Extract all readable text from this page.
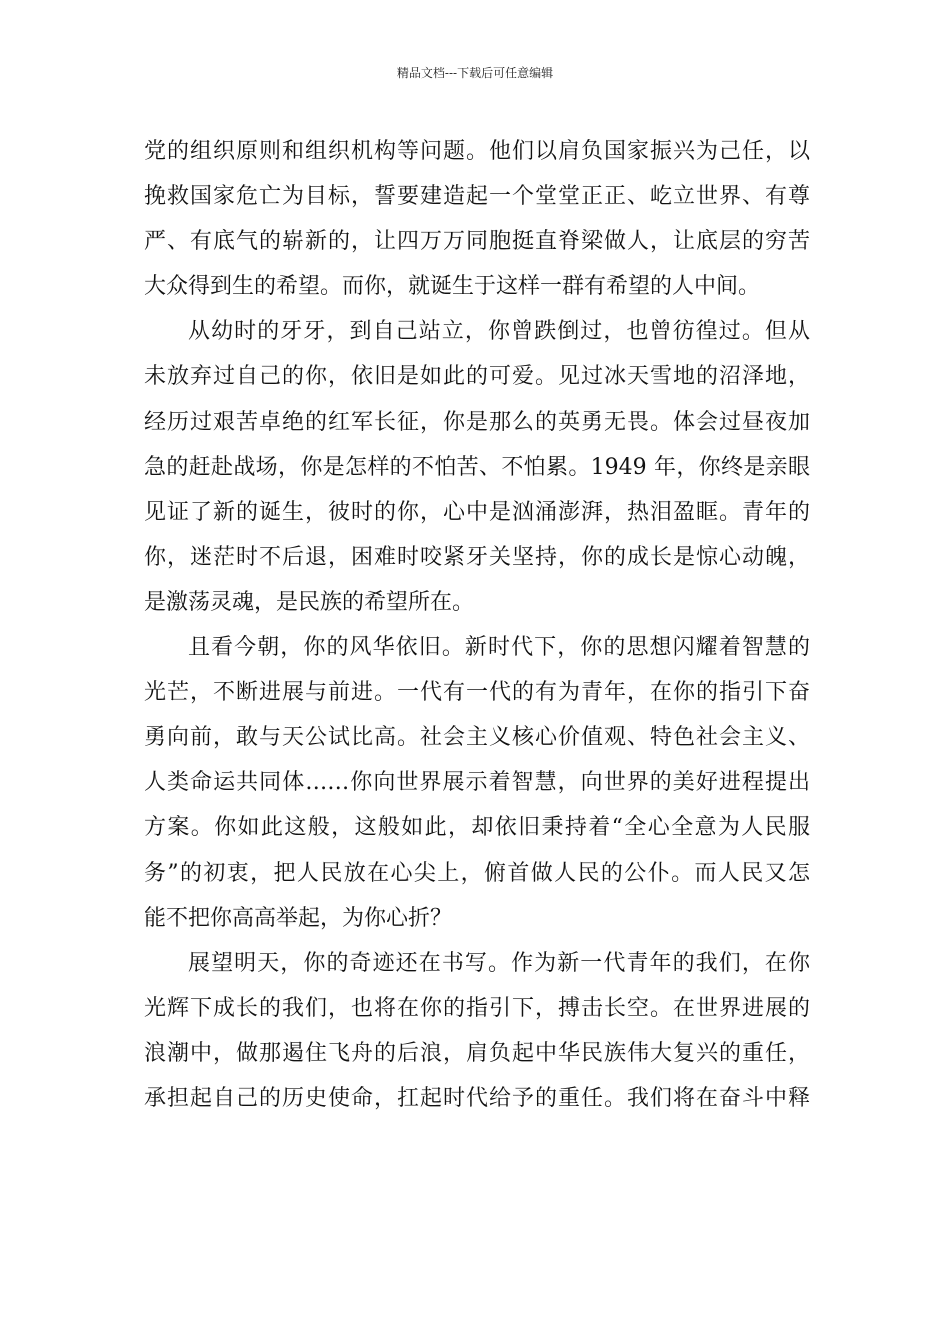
精品文档---下载后可任意编辑
党的组织原则和组织机构等问题。他们以肩负国家振兴为己任，以
挽救国家危亡为目标，誓要建造起一个堂堂正正、屹立世界、有尊
严、有底气的崭新的，让四万万同胞挺直脊梁做人，让底层的穷苦
大众得到生的希望。而你，就诞生于这样一群有希望的人中间。
从幼时的牙牙，到自己站立，你曾跌倒过，也曾彷徨过。但从
未放弃过自己的你，依旧是如此的可爱。见过冰天雪地的沼泽地，
经历过艰苦卓绝的红军长征，你是那么的英勇无畏。体会过昼夜加
急的赶赴战场，你是怎样的不怕苦、不怕累。1949 年，你终是亲眼
见证了新的诞生，彼时的你，心中是汹涌澎湃，热泪盈眶。青年的
你，迷茫时不后退，困难时咬紧牙关坚持，你的成长是惊心动魄，
是激荡灵魂，是民族的希望所在。
且看今朝，你的风华依旧。新时代下，你的思想闪耀着智慧的
光芒，不断进展与前进。一代有一代的有为青年，在你的指引下奋
勇向前，敢与天公试比高。社会主义核心价值观、特色社会主义、
人类命运共同体……你向世界展示着智慧，向世界的美好进程提出
方案。你如此这般，这般如此，却依旧秉持着“全心全意为人民服
务”的初衷，把人民放在心尖上，俯首做人民的公仆。而人民又怎
能不把你高高举起，为你心折？
展望明天，你的奇迹还在书写。作为新一代青年的我们，在你
光辉下成长的我们，也将在你的指引下，搏击长空。在世界进展的
浪潮中，做那遏住飞舟的后浪，肩负起中华民族伟大复兴的重任，
承担起自己的历史使命，扛起时代给予的重任。我们将在奋斗中释
